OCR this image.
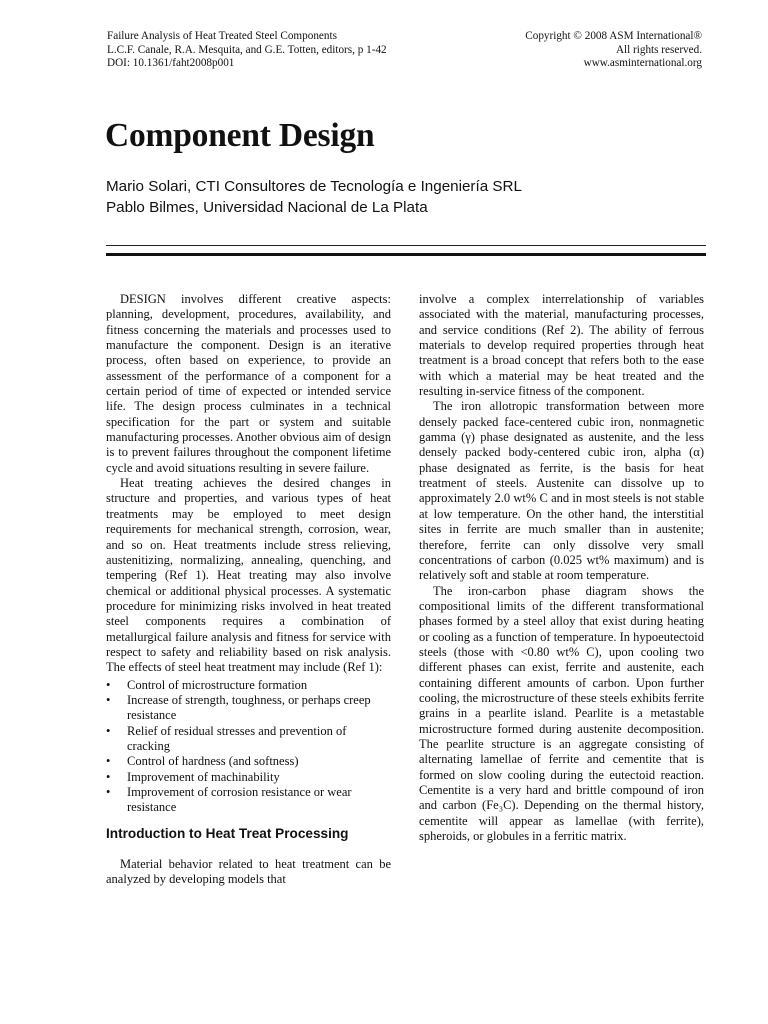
Failure Analysis of Heat Treated Steel Components
L.C.F. Canale, R.A. Mesquita, and G.E. Totten, editors, p 1-42
DOI: 10.1361/faht2008p001
Copyright © 2008 ASM International®
All rights reserved.
www.asminternational.org
Component Design
Mario Solari, CTI Consultores de Tecnología e Ingeniería SRL
Pablo Bilmes, Universidad Nacional de La Plata

DESIGN involves different creative aspects: planning, development, procedures, availability, and fitness concerning the materials and processes used to manufacture the component. Design is an iterative process, often based on experience, to provide an assessment of the performance of a component for a certain period of time of expected or intended service life. The design process culminates in a technical specification for the part or system and suitable manufacturing processes. Another obvious aim of design is to prevent failures throughout the component lifetime cycle and avoid situations resulting in severe failure.

Heat treating achieves the desired changes in structure and properties, and various types of heat treatments may be employed to meet design requirements for mechanical strength, corrosion, wear, and so on. Heat treatments include stress relieving, austenitizing, normalizing, annealing, quenching, and tempering (Ref 1). Heat treating may also involve chemical or additional physical processes. A systematic procedure for minimizing risks involved in heat treated steel components requires a combination of metallurgical failure analysis and fitness for service with respect to safety and reliability based on risk analysis. The effects of steel heat treatment may include (Ref 1):

• Control of microstructure formation
• Increase of strength, toughness, or perhaps creep resistance
• Relief of residual stresses and prevention of cracking
• Control of hardness (and softness)
• Improvement of machinability
• Improvement of corrosion resistance or wear resistance
Introduction to Heat Treat Processing

Material behavior related to heat treatment can be analyzed by developing models that

involve a complex interrelationship of variables associated with the material, manufacturing processes, and service conditions (Ref 2). The ability of ferrous materials to develop required properties through heat treatment is a broad concept that refers both to the ease with which a material may be heat treated and the resulting in-service fitness of the component.

The iron allotropic transformation between more densely packed face-centered cubic iron, nonmagnetic gamma (γ) phase designated as austenite, and the less densely packed body-centered cubic iron, alpha (α) phase designated as ferrite, is the basis for heat treatment of steels. Austenite can dissolve up to approximately 2.0 wt% C and in most steels is not stable at low temperature. On the other hand, the interstitial sites in ferrite are much smaller than in austenite; therefore, ferrite can only dissolve very small concentrations of carbon (0.025 wt% maximum) and is relatively soft and stable at room temperature.

The iron-carbon phase diagram shows the compositional limits of the different transformational phases formed by a steel alloy that exist during heating or cooling as a function of temperature. In hypoeutectoid steels (those with <0.80 wt% C), upon cooling two different phases can exist, ferrite and austenite, each containing different amounts of carbon. Upon further cooling, the microstructure of these steels exhibits ferrite grains in a pearlite island. Pearlite is a metastable microstructure formed during austenite decomposition. The pearlite structure is an aggregate consisting of alternating lamellae of ferrite and cementite that is formed on slow cooling during the eutectoid reaction. Cementite is a very hard and brittle compound of iron and carbon (Fe₃C). Depending on the thermal history, cementite will appear as lamellae (with ferrite), spheroids, or globules in a ferritic matrix.
